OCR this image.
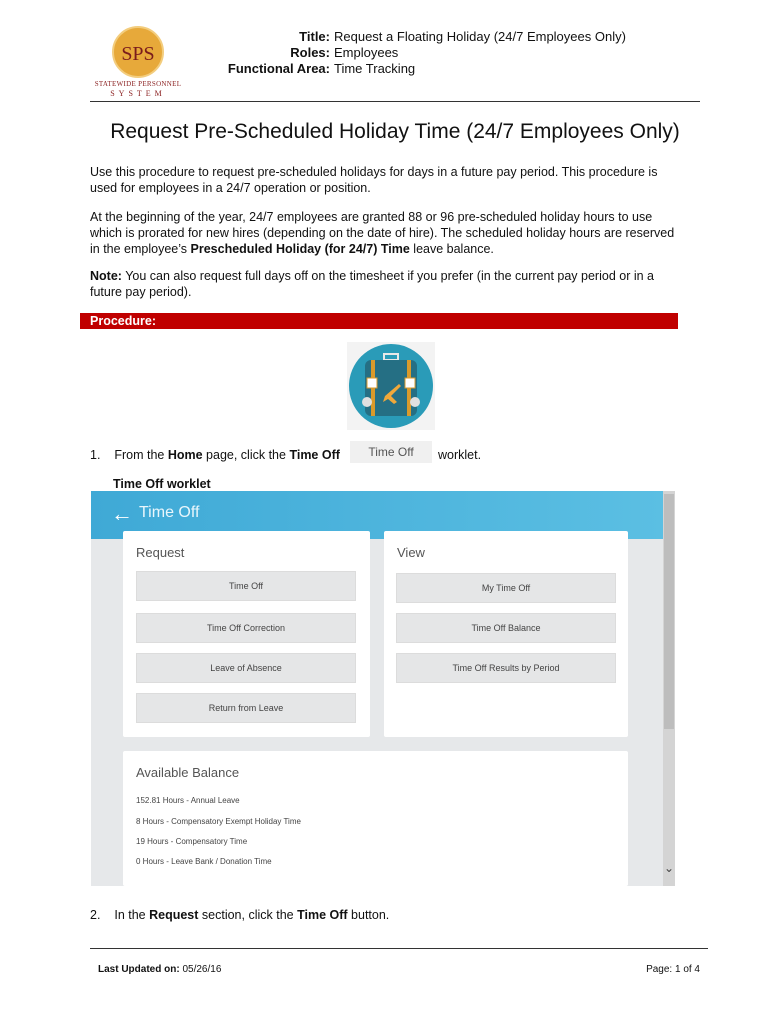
SPS
STATEWIDE PERSONNEL
SYSTEM
Title:	Request a Floating Holiday (24/7 Employees Only)
Roles:	Employees
Functional Area:	Time Tracking
Request Pre-Scheduled Holiday Time (24/7 Employees Only)
Use this procedure to request pre-scheduled holidays for days in a future pay period. This procedure is used for employees in a 24/7 operation or position.
At the beginning of the year, 24/7 employees are granted 88 or 96 pre-scheduled holiday hours to use which is prorated for new hires (depending on the date of hire). The scheduled holiday hours are reserved in the employee’s Prescheduled Holiday (for 24/7) Time leave balance.
Note: You can also request full days off on the timesheet if you prefer (in the current pay period or in a future pay period).
Procedure:
Time Off
1. From the Home page, click the Time Off	worklet.
Time Off worklet
← Time Off
Request
Time Off
Time Off Correction
Leave of Absence
Return from Leave
View
My Time Off
Time Off Balance
Time Off Results by Period
Available Balance
152.81 Hours - Annual Leave
8 Hours - Compensatory Exempt Holiday Time
19 Hours - Compensatory Time
0 Hours - Leave Bank / Donation Time	⌄
2. In the Request section, click the Time Off button.
Last Updated on: 05/26/16	Page: 1 of 4
